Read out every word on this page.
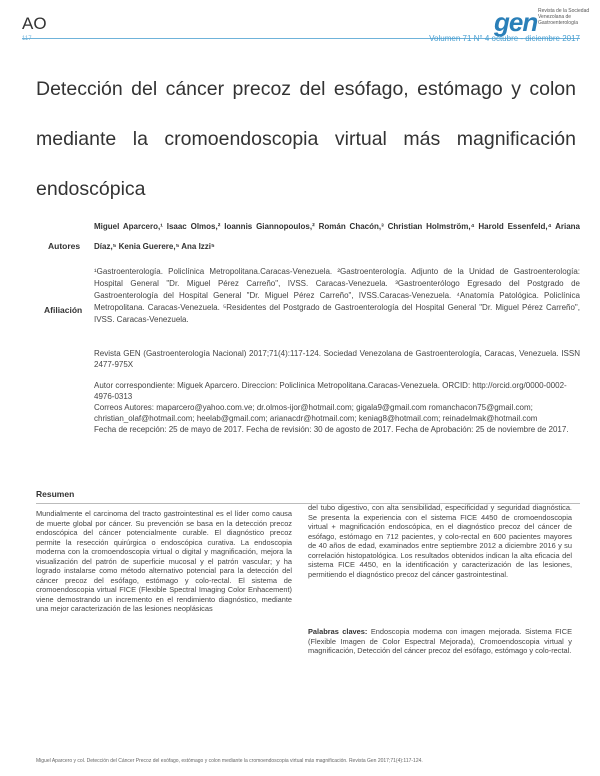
AO	gen Revista de la Sociedad Venezolana de Gastroenterología
117	Volumen 71 N° 4 octubre - diciembre 2017
Detección del cáncer precoz del esófago, estómago y colon mediante la cromoendoscopia virtual más magnificación endoscópica
Autores
Miguel Aparcero,¹ Isaac Olmos,² Ioannis Giannopoulos,² Román Chacón,³ Christian Holmström,⁴ Harold Essenfeld,⁴ Ariana Díaz,⁵ Kenia Guerere,⁵ Ana Izzi⁵
Afiliación
¹Gastroenterología. Policlínica Metropolitana.Caracas-Venezuela. ²Gastroenterología. Adjunto de la Unidad de Gastroenterología: Hospital General "Dr. Miguel Pérez Carreño", IVSS. Caracas-Venezuela. ³Gastroenterólogo Egresado del Postgrado de Gastroenterología del Hospital General "Dr. Miguel Pérez Carreño", IVSS.Caracas-Venezuela. ⁴Anatomía Patológica. Policlínica Metropolitana. Caracas-Venezuela. ⁵Residentes del Postgrado de Gastroenterología del Hospital General "Dr. Miguel Pérez Carreño", IVSS. Caracas-Venezuela.
Revista GEN (Gastroenterología Nacional) 2017;71(4):117-124. Sociedad Venezolana de Gastroenterología, Caracas, Venezuela. ISSN 2477-975X
Autor correspondiente: Miguek Aparcero. Direccion: Policlinica Metropolitana.Caracas-Venezuela. ORCID: http://orcid.org/0000-0002-4976-0313
Correos Autores: maparcero@yahoo.com.ve; dr.olmos-ijor@hotmail.com; gigala9@gmail.com romanchacon75@gmail.com; christian_olaf@hotmail.com; heelab@gmail.com; arianacdr@hotmail.com; keniag8@hotmail.com; reinadelmak@hotmail.com
Fecha de recepción: 25 de mayo de 2017. Fecha de revisión: 30 de agosto de 2017. Fecha de Aprobación: 25 de noviembre de 2017.
Resumen
Mundialmente el carcinoma del tracto gastrointestinal es el líder como causa de muerte global por cáncer. Su prevención se basa en la detección precoz endoscópica del cáncer potencialmente curable. El diagnóstico precoz permite la resección quirúrgica o endoscópica curativa. La endoscopia moderna con la cromoendoscopia virtual o digital y magnificación, mejora la visualización del patrón de superficie mucosal y el patrón vascular; y ha logrado instalarse como método alternativo potencial para la detección del cáncer precoz del esófago, estómago y colo-rectal. El sistema de cromoendoscopia virtual FICE (Flexible Spectral Imaging Color Enhacement) viene demostrando un incremento en el rendimiento diagnóstico, mediante una mejor caracterización de las lesiones neoplásicas
del tubo digestivo, con alta sensibilidad, especificidad y seguridad diagnóstica. Se presenta la experiencia con el sistema FICE 4450 de cromoendoscopia virtual + magnificación endoscópica, en el diagnóstico precoz del cáncer de esófago, estómago en 712 pacientes, y colo-rectal en 600 pacientes mayores de 40 años de edad, examinados entre septiembre 2012 a diciembre 2016 y su correlación histopatológica. Los resultados obtenidos indican la alta eficacia del sistema FICE 4450, en la identificación y caracterización de las lesiones, permitiendo el diagnóstico precoz del cáncer gastrointestinal.
Palabras claves: Endoscopia moderna con imagen mejorada. Sistema FICE (Flexible Imagen de Color Espectral Mejorada), Cromoendoscopia virtual y magnificación, Detección del cáncer precoz del esófago, estómago y colo-rectal.
Miguel Aparcero y col. Detección del Cáncer Precoz del esófago, estómago y colon mediante la cromoendoscopia virtual más magnificación. Revista Gen 2017;71(4):117-124.
